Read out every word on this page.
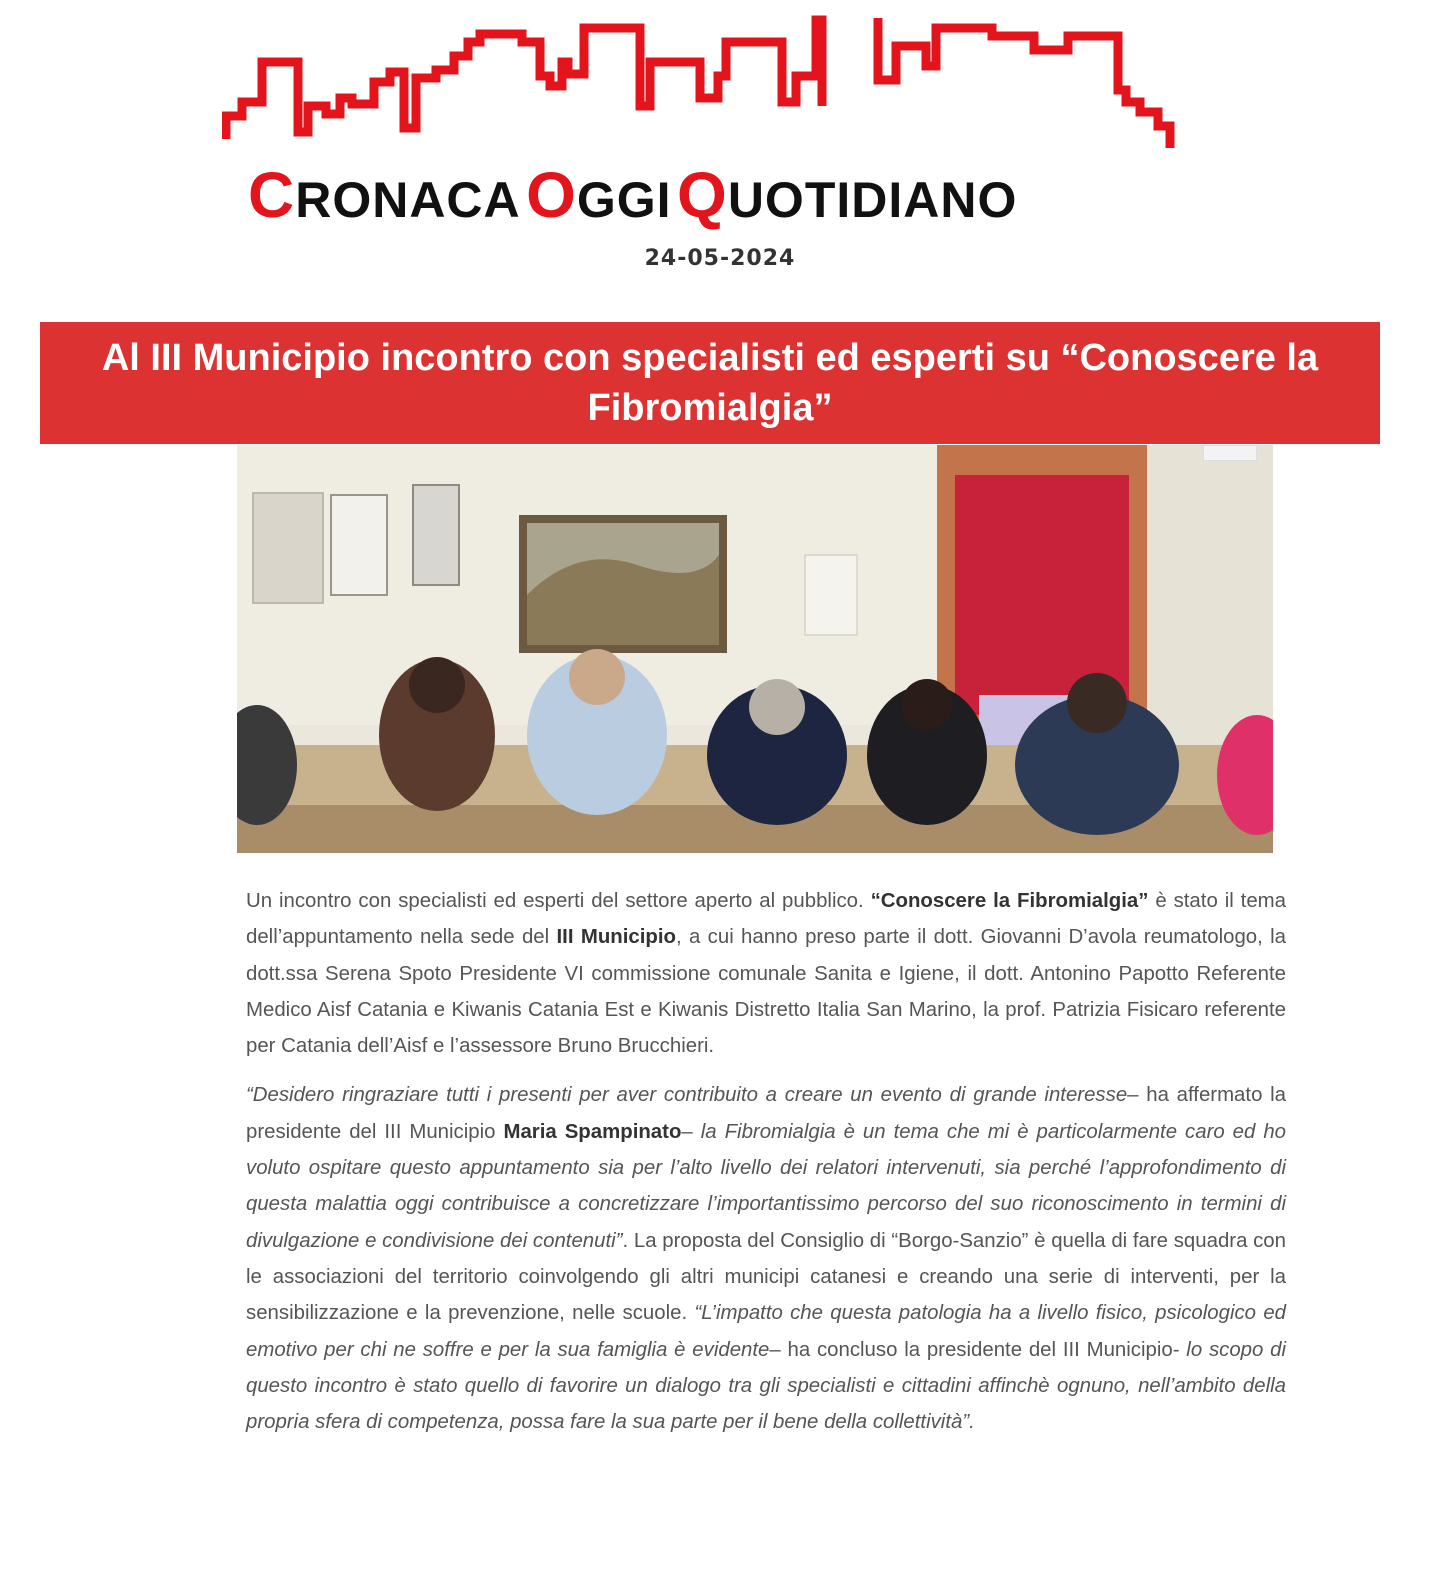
CRONACA OGGI QUOTIDIANO
24-05-2024
Al III Municipio incontro con specialisti ed esperti su “Conoscere la Fibromialgia”

Un incontro con specialisti ed esperti del settore aperto al pubblico. “Conoscere la Fibromialgia” è stato il tema dell’appuntamento nella sede del III Municipio, a cui hanno preso parte il dott. Giovanni D’avola reumatologo, la dott.ssa Serena Spoto Presidente VI commissione comunale Sanita e Igiene, il dott. Antonino Papotto Referente Medico Aisf Catania e Kiwanis Catania Est e Kiwanis Distretto Italia San Marino, la prof. Patrizia Fisicaro referente per Catania dell’Aisf e l’assessore Bruno Brucchieri.

“Desidero ringraziare tutti i presenti per aver contribuito a creare un evento di grande interesse– ha affermato la presidente del III Municipio Maria Spampinato– la Fibromialgia è un tema che mi è particolarmente caro ed ho voluto ospitare questo appuntamento sia per l’alto livello dei relatori intervenuti, sia perché l’approfondimento di questa malattia oggi contribuisce a concretizzare l’importantissimo percorso del suo riconoscimento in termini di divulgazione e condivisione dei contenuti”. La proposta del Consiglio di “Borgo-Sanzio” è quella di fare squadra con le associazioni del territorio coinvolgendo gli altri municipi catanesi e creando una serie di interventi, per la sensibilizzazione e la prevenzione, nelle scuole. “L’impatto che questa patologia ha a livello fisico, psicologico ed emotivo per chi ne soffre e per la sua famiglia è evidente– ha concluso la presidente del III Municipio- lo scopo di questo incontro è stato quello di favorire un dialogo tra gli specialisti e cittadini affinchè ognuno, nell’ambito della propria sfera di competenza, possa fare la sua parte per il bene della collettività”.
